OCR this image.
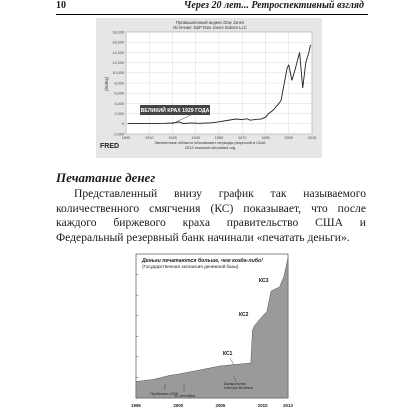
10	Через 20 лет... Ретроспективный взгляд
Промышленный индекс Dow Jones
Источник: S&P Dow Jones Indices LLC
-2,000
0
2,000
4,000
6,000
8,000
10,000
12,000
14,000
16,000
18,000
1895	1910	1925	1940	1955	1970	1985	2000	2015
(Index)
ВЕЛИКИЙ КРАХ 1929 ГОДА
FRED
Затененные области обозначают периоды рецессий в США
2013 research.stlouisfed.org
Печатание денег

Представленный внизу график так называемого количественного смягчения (КС) показывает, что после каждого биржевого краха правительство США и Федеральный резервный банк начинали «печатать деньги».

Деньги печатаются больше, чем когда-либо!
(Государственная экспансия денежной базы)
1995	2000	2005	2010	2013
КС3
КС2
КС1
Пробелмы 2000
11 сентября
Банкротство Lehman Brothers
